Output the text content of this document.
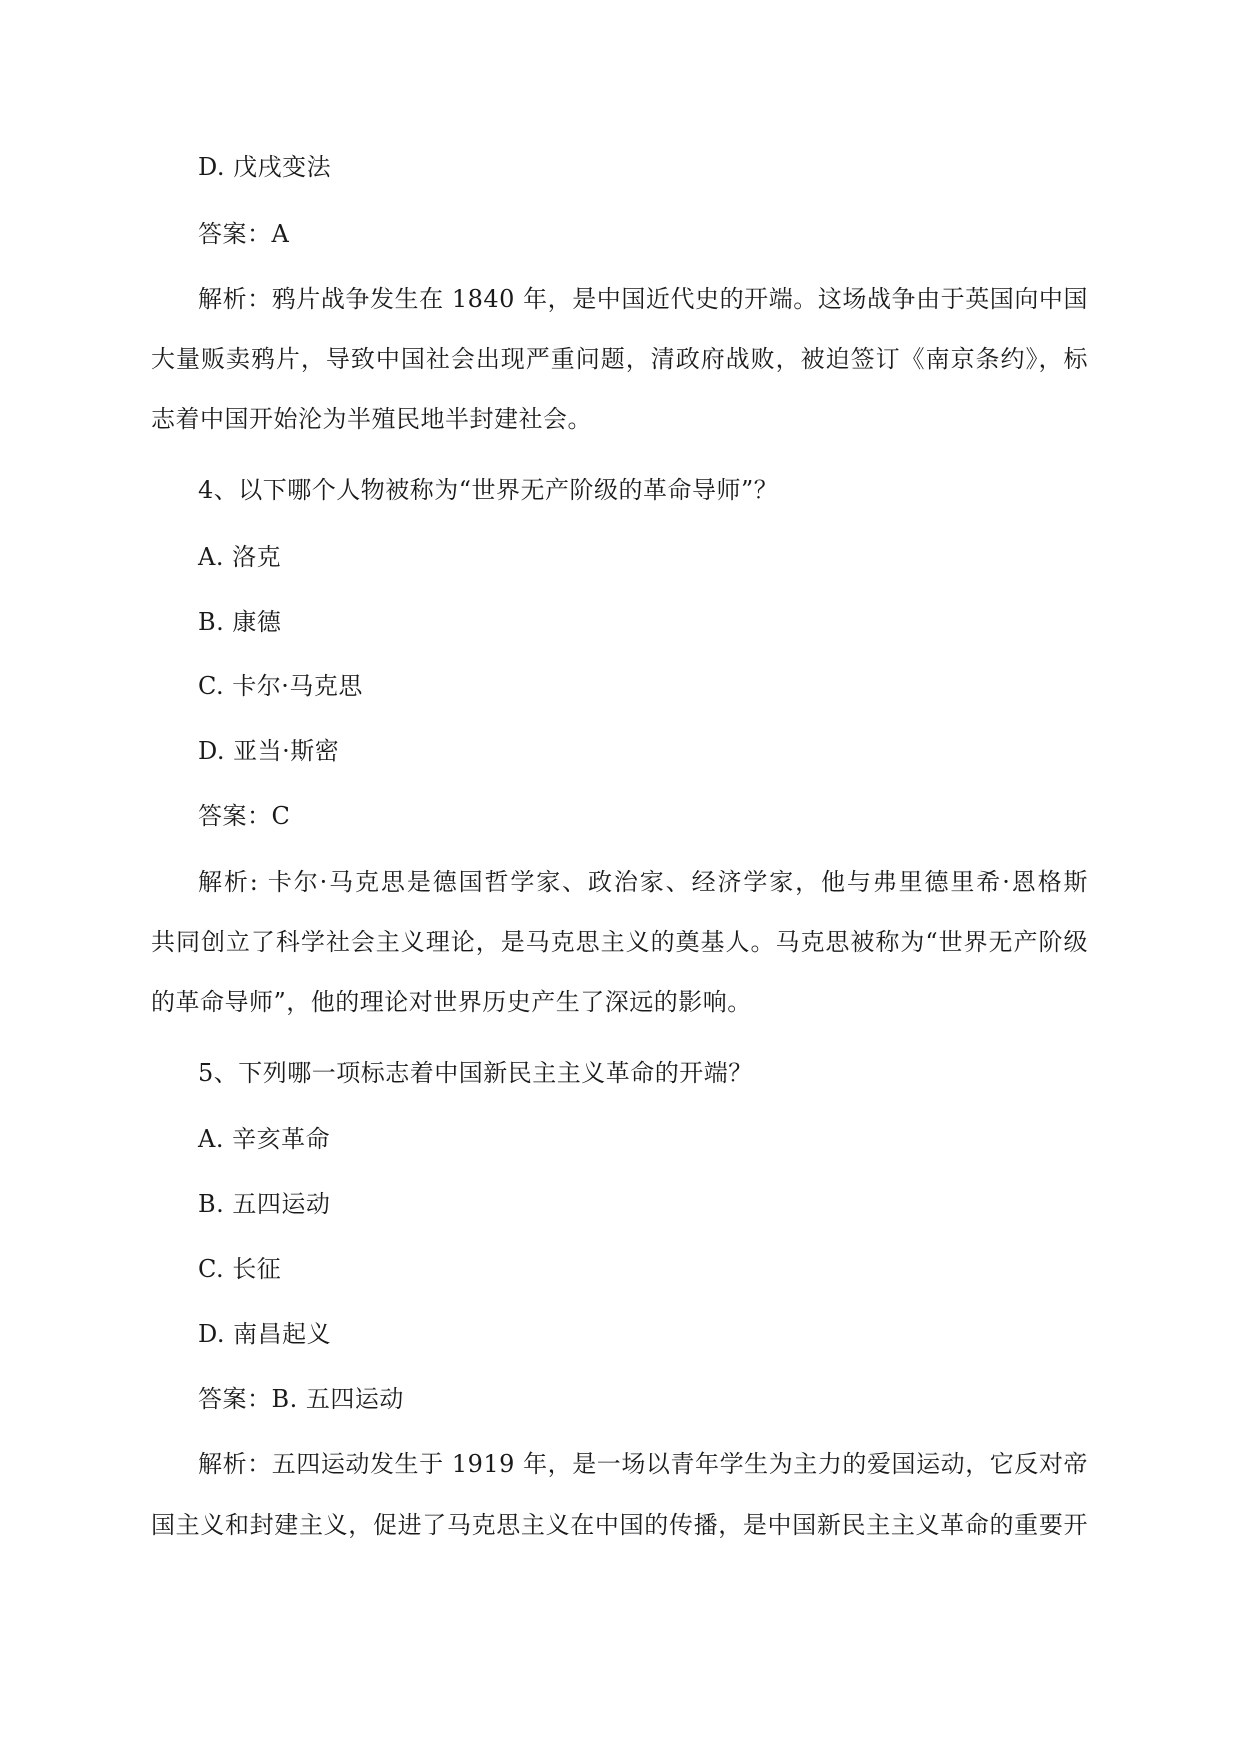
D. 戊戌变法
答案：A
解析：鸦片战争发生在 1840 年，是中国近代史的开端。这场战争由于英国向中国
大量贩卖鸦片，导致中国社会出现严重问题，清政府战败，被迫签订《南京条约》，标
志着中国开始沦为半殖民地半封建社会。
4、以下哪个人物被称为“世界无产阶级的革命导师”？
A. 洛克
B. 康德
C. 卡尔·马克思
D. 亚当·斯密
答案：C
解析: 卡尔·马克思是德国哲学家、政治家、经济学家，他与弗里德里希·恩格斯
共同创立了科学社会主义理论，是马克思主义的奠基人。马克思被称为“世界无产阶级
的革命导师”，他的理论对世界历史产生了深远的影响。
5、下列哪一项标志着中国新民主主义革命的开端？
A. 辛亥革命
B. 五四运动
C. 长征
D. 南昌起义
答案：B. 五四运动
解析：五四运动发生于 1919 年，是一场以青年学生为主力的爱国运动，它反对帝
国主义和封建主义，促进了马克思主义在中国的传播，是中国新民主主义革命的重要开
